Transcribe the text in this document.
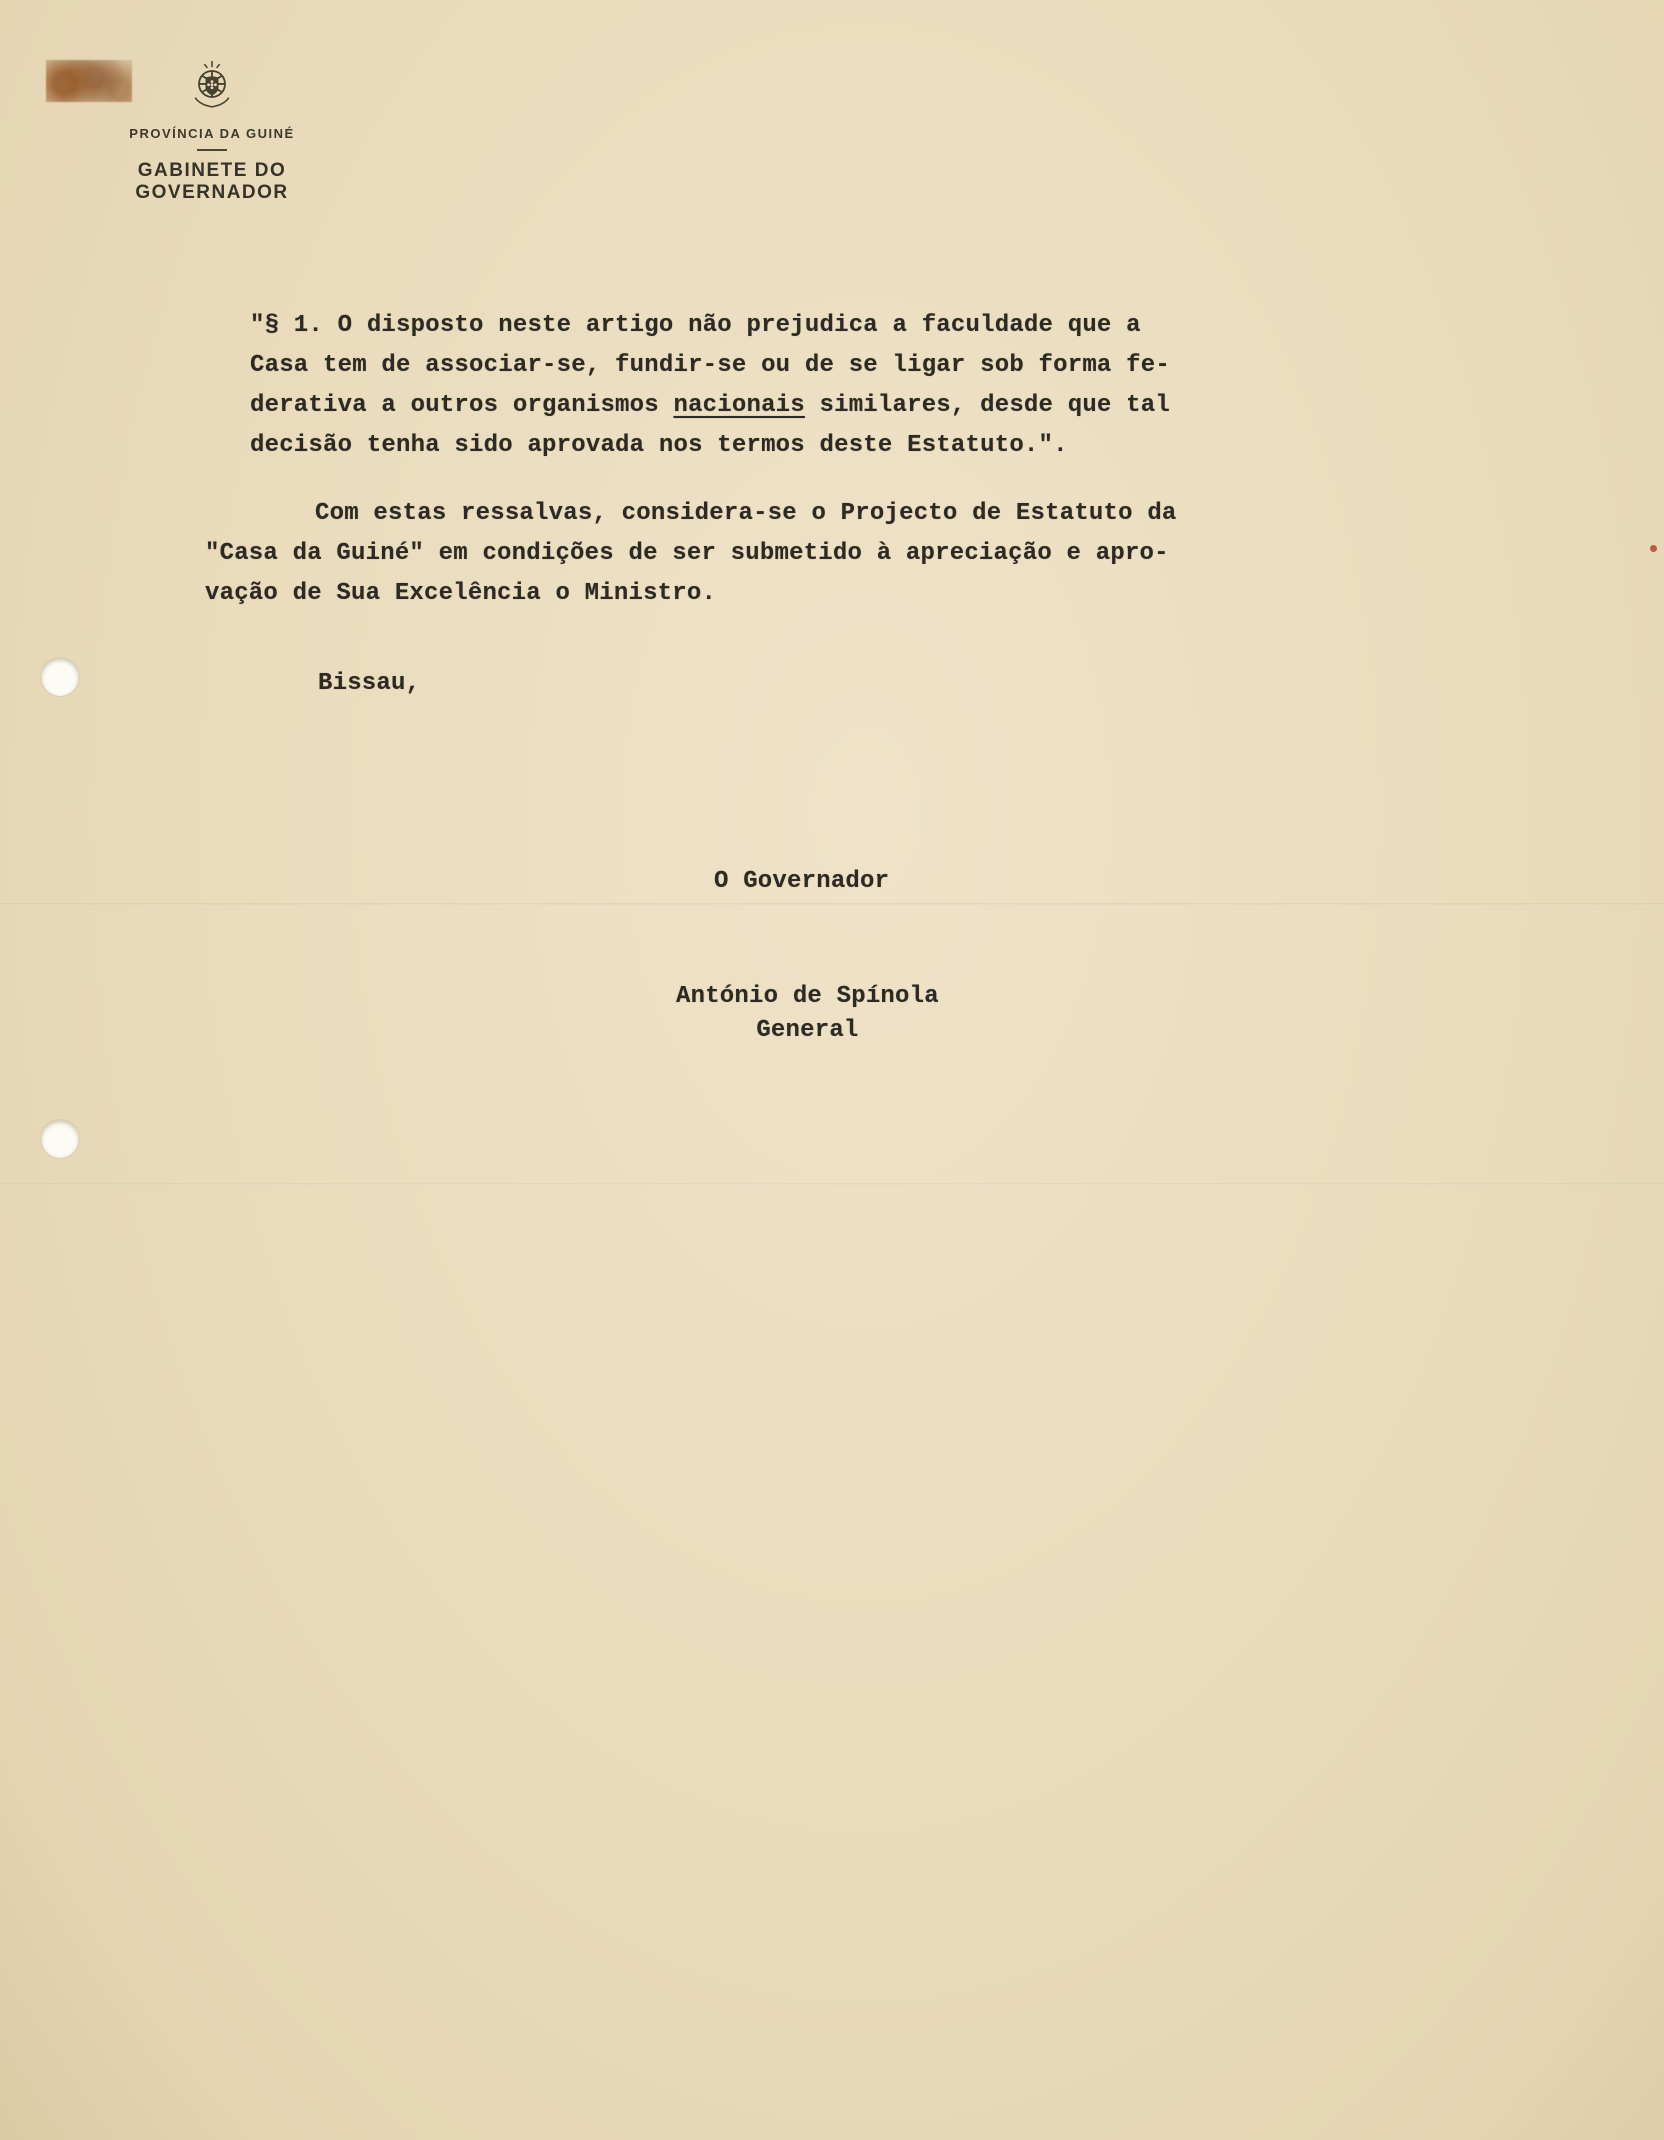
PROVÍNCIA DA GUINÉ
GABINETE DO GOVERNADOR
"§ 1. O disposto neste artigo não prejudica a faculdade que a
Casa tem de associar-se, fundir-se ou de se ligar sob forma fe-
derativa a outros organismos nacionais similares, desde que tal
decisão tenha sido aprovada nos termos deste Estatuto.".
Com estas ressalvas, considera-se o Projecto de Estatuto da
"Casa da Guiné" em condições de ser submetido à apreciação e apro-
vação de Sua Excelência o Ministro.
Bissau,
O Governador
António de Spínola
General
